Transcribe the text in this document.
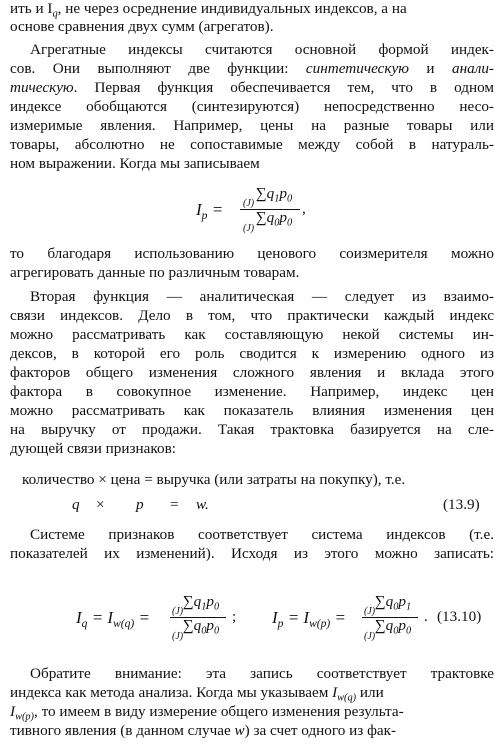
ить и $I_q$, не через осреднение индивидуальных индексов, а на
основе сравнения двух сумм (агрегатов).
Агрегатные индексы считаются основной формой индек-
сов. Они выполняют две функции: синтетическую и анали-
тическую. Первая функция обеспечивается тем, что в одном
индексе обобщаются (синтезируются) непосредственно несо-
измеримые явления. Например, цены на разные товары или
товары, абсолютно не сопоставимые между собой в натураль-
ном выражении. Когда мы записываем
$I_p$ =
$\sum q_1p_0$
(J)
$\sum q_0p_0$
(J)
,
то благодаря использованию ценового соизмерителя можно
агрегировать данные по различным товарам.
Вторая функция — аналитическая — следует из взаимо-
связи индексов. Дело в том, что практически каждый индекс
можно рассматривать как составляющую некой системы ин-
дексов, в которой его роль сводится к измерению одного из
факторов общего изменения сложного явления и вклада этого
фактора в совокупное изменение. Например, индекс цен
можно рассматривать как показатель влияния изменения цен
на выручку от продажи. Такая трактовка базируется на сле-
дующей связи признаков:
количество × цена = выручка (или затраты на покупку), т.е.
q × p = w.	(13.9)
Системе признаков соответствует система индексов (т.е.
показателей их изменений). Исходя из этого можно записать:
$I_q = I_{w(q)}$ =
$\sum q_1p_0$
(J)
$\sum q_0p_0$
(J)
; $I_p = I_{w(p)}$ =
$\sum q_0p_1$
(J)
$\sum q_0p_0$
(J)
. (13.10)
Обратите внимание: эта запись соответствует трактовке
индекса как метода анализа. Когда мы указываем $I_{w(q)}$ или
$I_{w(p)}$, то имеем в виду измерение общего изменения результа-
тивного явления (в данном случае w) за счет одного из фак-
